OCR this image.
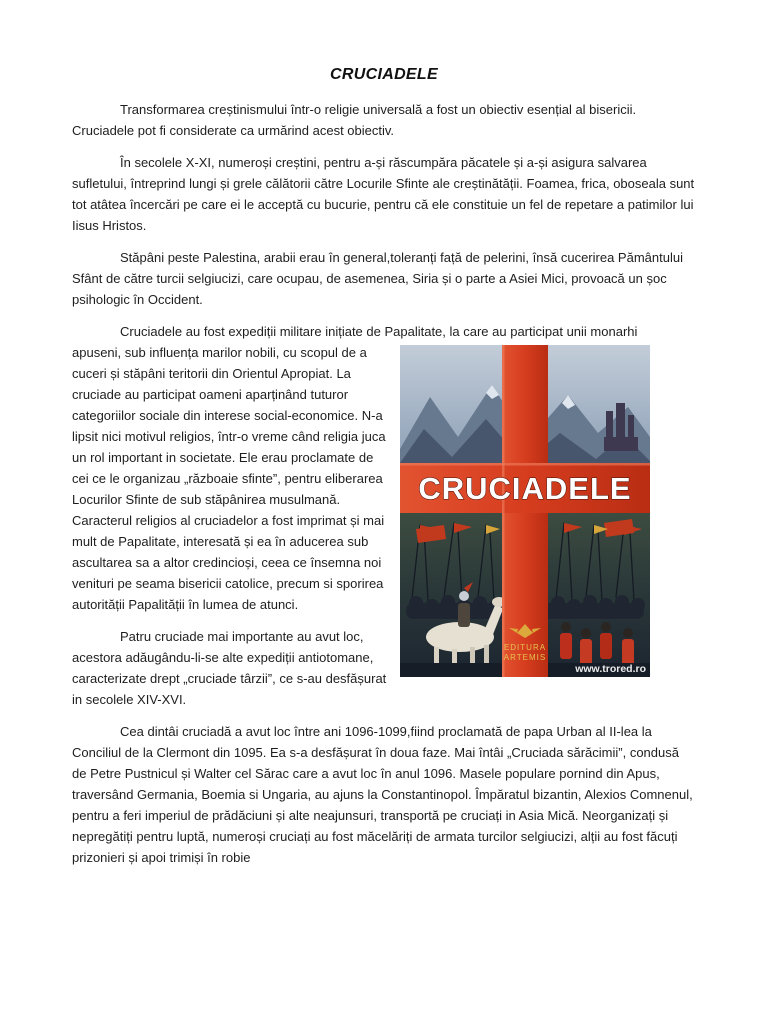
CRUCIADELE

Transformarea creștinismului într-o religie universală a fost un obiectiv esențial al bisericii. Cruciadele pot fi considerate ca urmărind acest obiectiv.

În secolele X-XI, numeroși creștini, pentru a-și răscumpăra păcatele și a-și asigura salvarea sufletului, întreprind lungi și grele călătorii către Locurile Sfinte ale creștinătății. Foamea, frica, oboseala sunt tot atâtea încercări pe care ei le acceptă cu bucurie, pentru că ele constituie un fel de repetare a patimilor lui Iisus Hristos.

Stăpâni peste Palestina, arabii erau în general,toleranți față de pelerini, însă cucerirea Pământului Sfânt de către turcii selgiucizi, care ocupau, de asemenea, Siria și o parte a Asiei Mici, provoacă un șoc psihologic în Occident.

Cruciadele au fost expediții militare inițiate de Papalitate, la care au participat unii monarhi

CRUCIADELE
EDITURA
ARTEMIS
www.trored.ro

apuseni, sub influența marilor nobili, cu scopul de a cuceri și stăpâni teritorii din Orientul Apropiat. La cruciade au participat oameni aparținând tuturor categoriilor sociale din interese social-economice. N-a lipsit nici motivul religios, într-o vreme când religia juca un rol important in societate. Ele erau proclamate de cei ce le organizau „războaie sfinte”, pentru eliberarea Locurilor Sfinte de sub stăpânirea musulmană. Caracterul religios al cruciadelor a fost imprimat și mai mult de Papalitate, interesată și ea în aducerea sub ascultarea sa a altor credincioși, ceea ce însemna noi venituri pe seama bisericii catolice, precum si sporirea autorității Papalității în lumea de atunci.

Patru cruciade mai importante au avut loc, acestora adăugându-li-se alte expediții antiotomane, caracterizate drept „cruciade târzii”, ce s-au desfășurat in secolele XIV-XVI.

Cea dintâi cruciadă a avut loc între ani 1096-1099,fiind proclamată de papa Urban al II-lea la Conciliul de la Clermont din 1095. Ea s-a desfășurat în doua faze. Mai întâi „Cruciada sărăcimii”, condusă de Petre Pustnicul și Walter cel Sărac care a avut loc în anul 1096. Masele populare pornind din Apus, traversând Germania, Boemia si Ungaria, au ajuns la Constantinopol. Împăratul bizantin, Alexios Comnenul, pentru a feri imperiul de prădăciuni și alte neajunsuri, transportă pe cruciați in Asia Mică. Neorganizați și nepregătiți pentru luptă, numeroși cruciați au fost măcelăriți de armata turcilor selgiucizi, alții au fost făcuți prizonieri și apoi trimiși în robie
